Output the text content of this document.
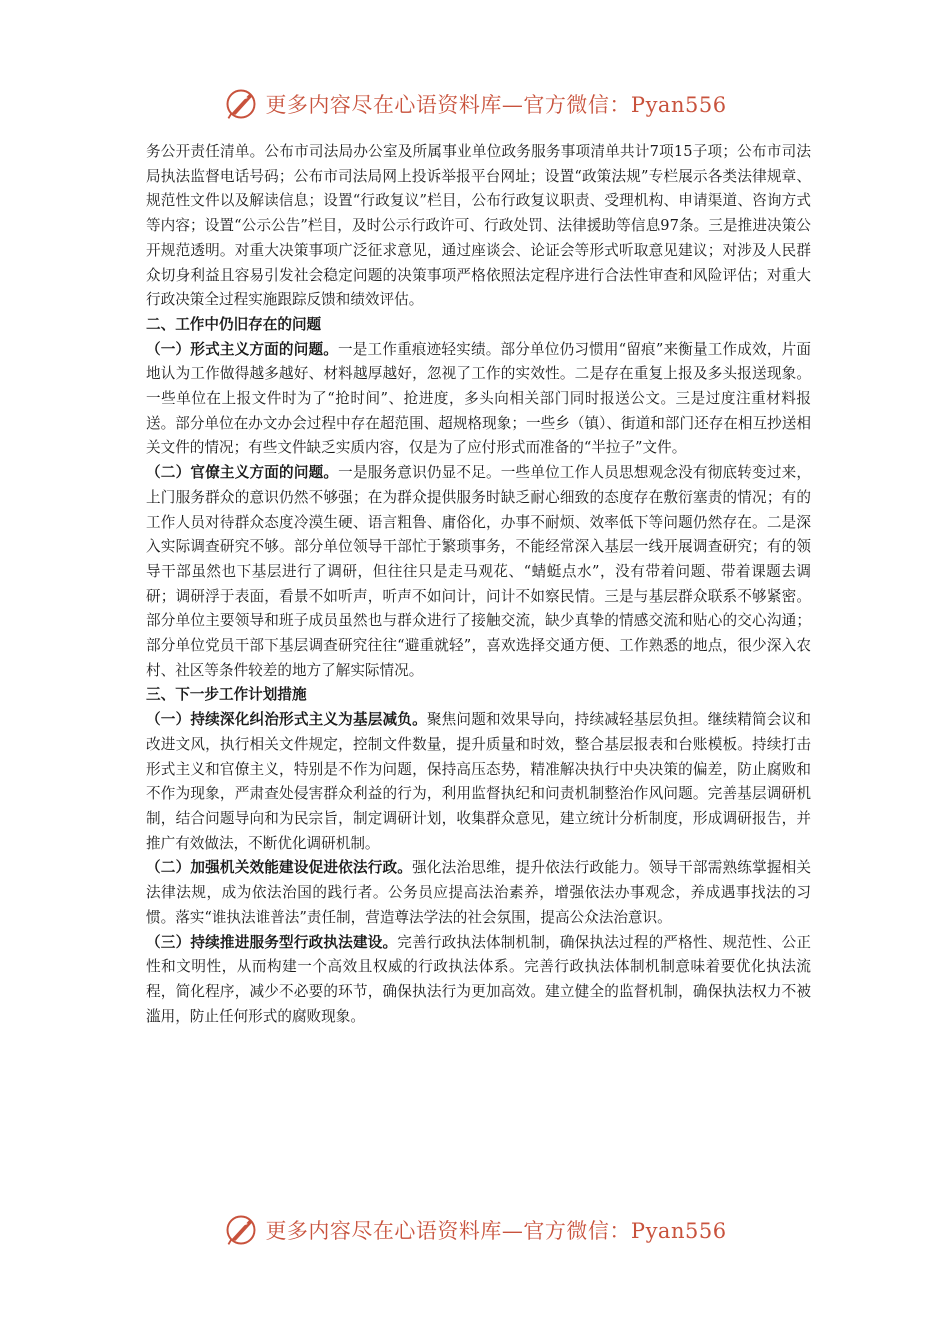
更多内容尽在心语资料库—官方微信：Pyan556

务公开责任清单。公布市司法局办公室及所属事业单位政务服务事项清单共计7项15子项；公布市司法局执法监督电话号码；公布市司法局网上投诉举报平台网址；设置“政策法规”专栏展示各类法律规章、规范性文件以及解读信息；设置“行政复议”栏目，公布行政复议职责、受理机构、申请渠道、咨询方式等内容；设置“公示公告”栏目，及时公示行政许可、行政处罚、法律援助等信息97条。三是推进决策公开规范透明。对重大决策事项广泛征求意见，通过座谈会、论证会等形式听取意见建议；对涉及人民群众切身利益且容易引发社会稳定问题的决策事项严格依照法定程序进行合法性审查和风险评估；对重大行政决策全过程实施跟踪反馈和绩效评估。

二、工作中仍旧存在的问题

（一）形式主义方面的问题。一是工作重痕迹轻实绩。部分单位仍习惯用“留痕”来衡量工作成效，片面地认为工作做得越多越好、材料越厚越好，忽视了工作的实效性。二是存在重复上报及多头报送现象。一些单位在上报文件时为了“抢时间”、抢进度，多头向相关部门同时报送公文。三是过度注重材料报送。部分单位在办文办会过程中存在超范围、超规格现象；一些乡（镇）、街道和部门还存在相互抄送相关文件的情况；有些文件缺乏实质内容，仅是为了应付形式而准备的“半拉子”文件。

（二）官僚主义方面的问题。一是服务意识仍显不足。一些单位工作人员思想观念没有彻底转变过来，上门服务群众的意识仍然不够强；在为群众提供服务时缺乏耐心细致的态度存在敷衍塞责的情况；有的工作人员对待群众态度冷漠生硬、语言粗鲁、庸俗化，办事不耐烦、效率低下等问题仍然存在。二是深入实际调查研究不够。部分单位领导干部忙于繁琐事务，不能经常深入基层一线开展调查研究；有的领导干部虽然也下基层进行了调研，但往往只是走马观花、“蜻蜓点水”，没有带着问题、带着课题去调研；调研浮于表面，看景不如听声，听声不如问计，问计不如察民情。三是与基层群众联系不够紧密。部分单位主要领导和班子成员虽然也与群众进行了接触交流，缺少真挚的情感交流和贴心的交心沟通；部分单位党员干部下基层调查研究往往“避重就轻”，喜欢选择交通方便、工作熟悉的地点，很少深入农村、社区等条件较差的地方了解实际情况。

三、下一步工作计划措施

（一）持续深化纠治形式主义为基层减负。聚焦问题和效果导向，持续减轻基层负担。继续精简会议和改进文风，执行相关文件规定，控制文件数量，提升质量和时效，整合基层报表和台账模板。持续打击形式主义和官僚主义，特别是不作为问题，保持高压态势，精准解决执行中央决策的偏差，防止腐败和不作为现象，严肃查处侵害群众利益的行为，利用监督执纪和问责机制整治作风问题。完善基层调研机制，结合问题导向和为民宗旨，制定调研计划，收集群众意见，建立统计分析制度，形成调研报告，并推广有效做法，不断优化调研机制。

（二）加强机关效能建设促进依法行政。强化法治思维，提升依法行政能力。领导干部需熟练掌握相关法律法规，成为依法治国的践行者。公务员应提高法治素养，增强依法办事观念，养成遇事找法的习惯。落实“谁执法谁普法”责任制，营造尊法学法的社会氛围，提高公众法治意识。

（三）持续推进服务型行政执法建设。完善行政执法体制机制，确保执法过程的严格性、规范性、公正性和文明性，从而构建一个高效且权威的行政执法体系。完善行政执法体制机制意味着要优化执法流程，简化程序，减少不必要的环节，确保执法行为更加高效。建立健全的监督机制，确保执法权力不被滥用，防止任何形式的腐败现象。

更多内容尽在心语资料库—官方微信：Pyan556
